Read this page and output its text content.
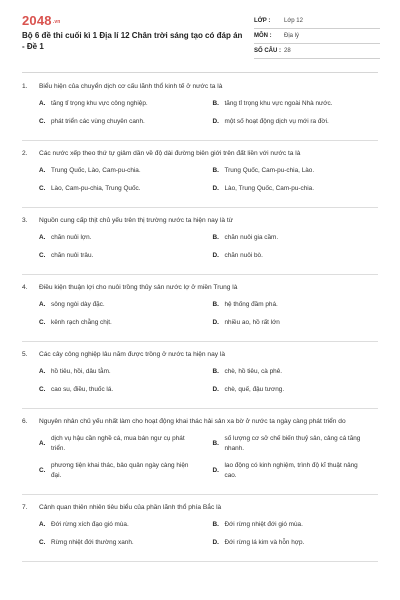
2048.vn
Bộ 6 đề thi cuối kì 1 Địa lí 12 Chân trời sáng tạo có đáp án - Đề 1
LỚP :	Lớp 12
MÔN :	Địa lý
SỐ CÂU : 28
1.	Biểu hiện của chuyển dịch cơ cấu lãnh thổ kinh tế ở nước ta là
A. tăng tỉ trọng khu vực công nghiệp.	B. tăng tỉ trọng khu vực ngoài Nhà nước.
C. phát triển các vùng chuyên canh.	D. một số hoạt động dịch vụ mới ra đời.
2.	Các nước xếp theo thứ tự giảm dần về độ dài đường biên giới trên đất liền với nước ta là
A. Trung Quốc, Lào, Cam-pu-chia.	B. Trung Quốc, Cam-pu-chia, Lào.
C. Lào, Cam-pu-chia, Trung Quốc.	D. Lào, Trung Quốc, Cam-pu-chia.
3.	Nguồn cung cấp thịt chủ yếu trên thị trường nước ta hiện nay là từ
A. chăn nuôi lợn.	B. chăn nuôi gia cầm.
C. chăn nuôi trâu.	D. chăn nuôi bò.
4.	Điều kiện thuận lợi cho nuôi trồng thủy sản nước lợ ở miền Trung là
A. sông ngòi dày đặc.	B. hệ thống đầm phá.
C. kênh rạch chằng chịt.	D. nhiều ao, hồ rất lớn
5.	Các cây công nghiệp lâu năm được trồng ở nước ta hiện nay là
A. hồ tiêu, hồi, dâu tằm.	B. chè, hồ tiêu, cà phê.
C. cao su, điều, thuốc lá.	D. chè, quế, đậu tương.
6.	Nguyên nhân chủ yếu nhất làm cho hoạt động khai thác hải sản xa bờ ở nước ta ngày càng phát triển do
A.
dịch vụ hậu cần nghề cá, mua bán ngư cụ phát triển.
B.
số lượng cơ sở chế biến thuỷ sản, cảng cá tăng nhanh.
C.
phương tiện khai thác, bảo quản ngày càng hiện đại.
D.
lao động có kinh nghiệm, trình độ kĩ thuật nâng cao.
7.	Cảnh quan thiên nhiên tiêu biểu của phần lãnh thổ phía Bắc là
A. Đới rừng xích đạo gió mùa.	B. Đới rừng nhiệt đới gió mùa.
C. Rừng nhiệt đới thường xanh.	D. Đới rừng lá kim và hỗn hợp.
